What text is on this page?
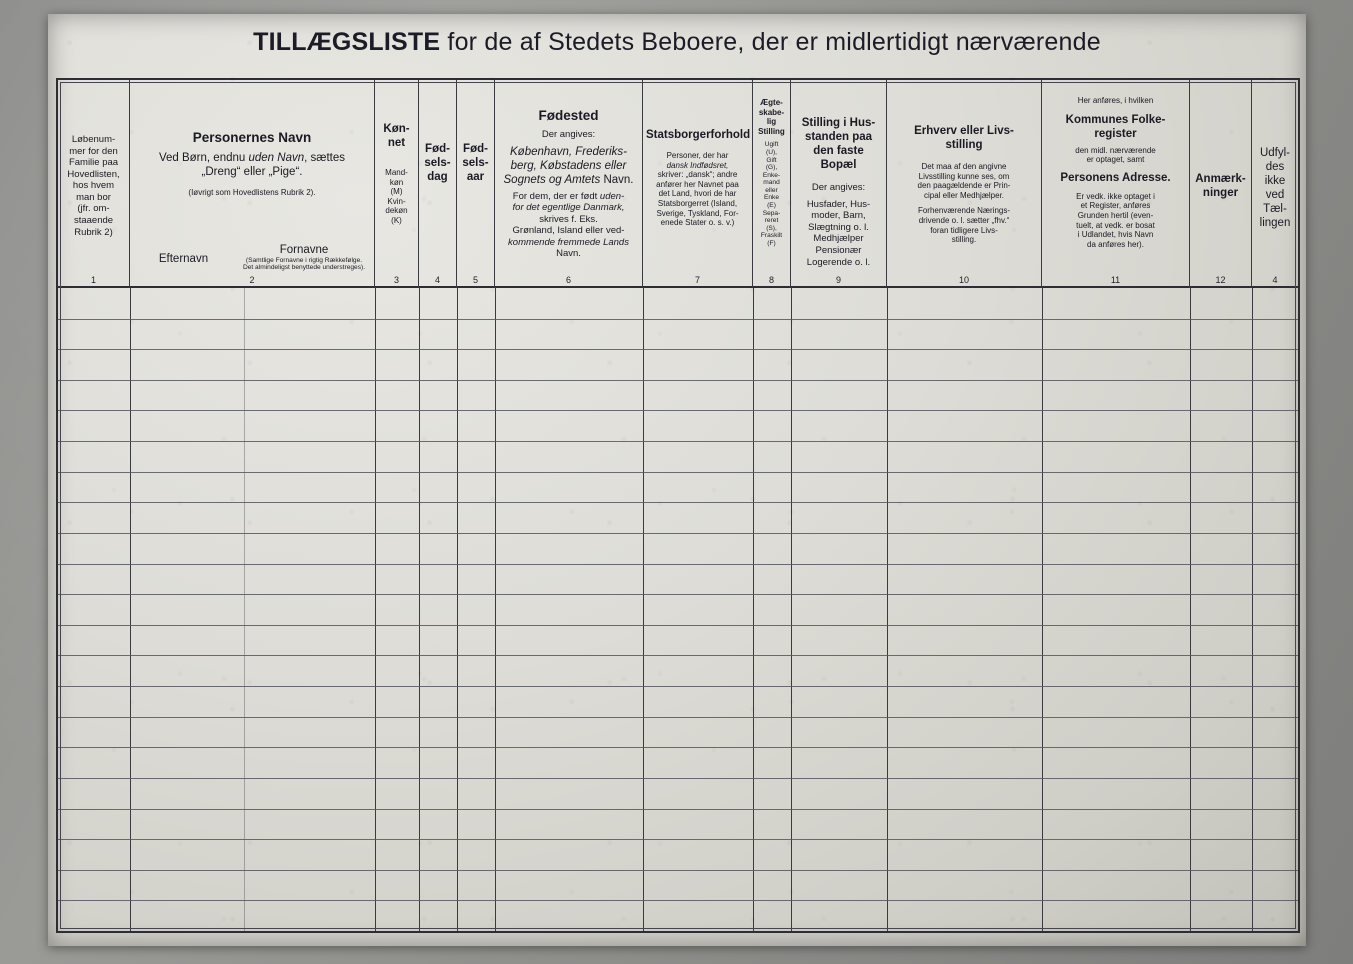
TILLÆGSLISTE for de af Stedets Beboere, der er midlertidigt nærværende
Løbenum-
mer for den
Familie paa
Hovedlisten,
hos hvem
man bor
(jfr. om-
staaende
Rubrik 2)
1
Personernes Navn
Ved Børn, endnu uden Navn, sættes
„Dreng“ eller „Pige“.
(Iøvrigt som Hovedlistens Rubrik 2).
Efternavn
Fornavne
(Samtlige Fornavne i rigtig Rækkefølge. Det almindeligst benyttede understreges).
2
Køn-
net
Mand-
køn
(M)
Kvin-
dekøn
(K)
3
Fød-
sels-
dag
4
Fød-
sels-
aar
5
Fødested
Der angives:
København, Frederiks-
berg, Købstadens eller
Sognets og Amtets Navn.
For dem, der er født uden-
for det egentlige Danmark,
skrives f. Eks.
Grønland, Island eller ved-
kommende fremmede Lands
Navn.
6
Statsborgerforhold
Personer, der har
dansk Indfødsret,
skriver: „dansk“; andre
anfører her Navnet paa
det Land, hvori de har
Statsborgerret (Island,
Sverige, Tyskland, For-
enede Stater o. s. v.)
7
Ægte-
skabe-
lig
Stilling
Ugift
(U),
Gift
(G),
Enke-
mand
eller
Enke
(E)
Sepa-
reret
(S),
Fraskilt
(F)
8
Stilling i Hus-
standen paa
den faste
Bopæl
Der angives:
Husfader, Hus-
moder, Barn,
Slægtning o. l.
Medhjælper
Pensionær
Logerende o. l.
9
Erhverv eller Livs-
stilling
Det maa af den angivne
Livsstilling kunne ses, om
den paagældende er Prin-
cipal eller Medhjælper.
Forhenværende Nærings-
drivende o. l. sætter „fhv.“
foran tidligere Livs-
stilling.
10
Her anføres, i hvilken
Kommunes Folke-
register
den midl. nærværende
er optaget, samt
Personens Adresse.
Er vedk. ikke optaget i
et Register, anføres
Grunden hertil (even-
tuelt, at vedk. er bosat
i Udlandet, hvis Navn
da anføres her).
11
Anmærk-
ninger
12
Udfyl-
des
ikke
ved
Tæl-
lingen
4
